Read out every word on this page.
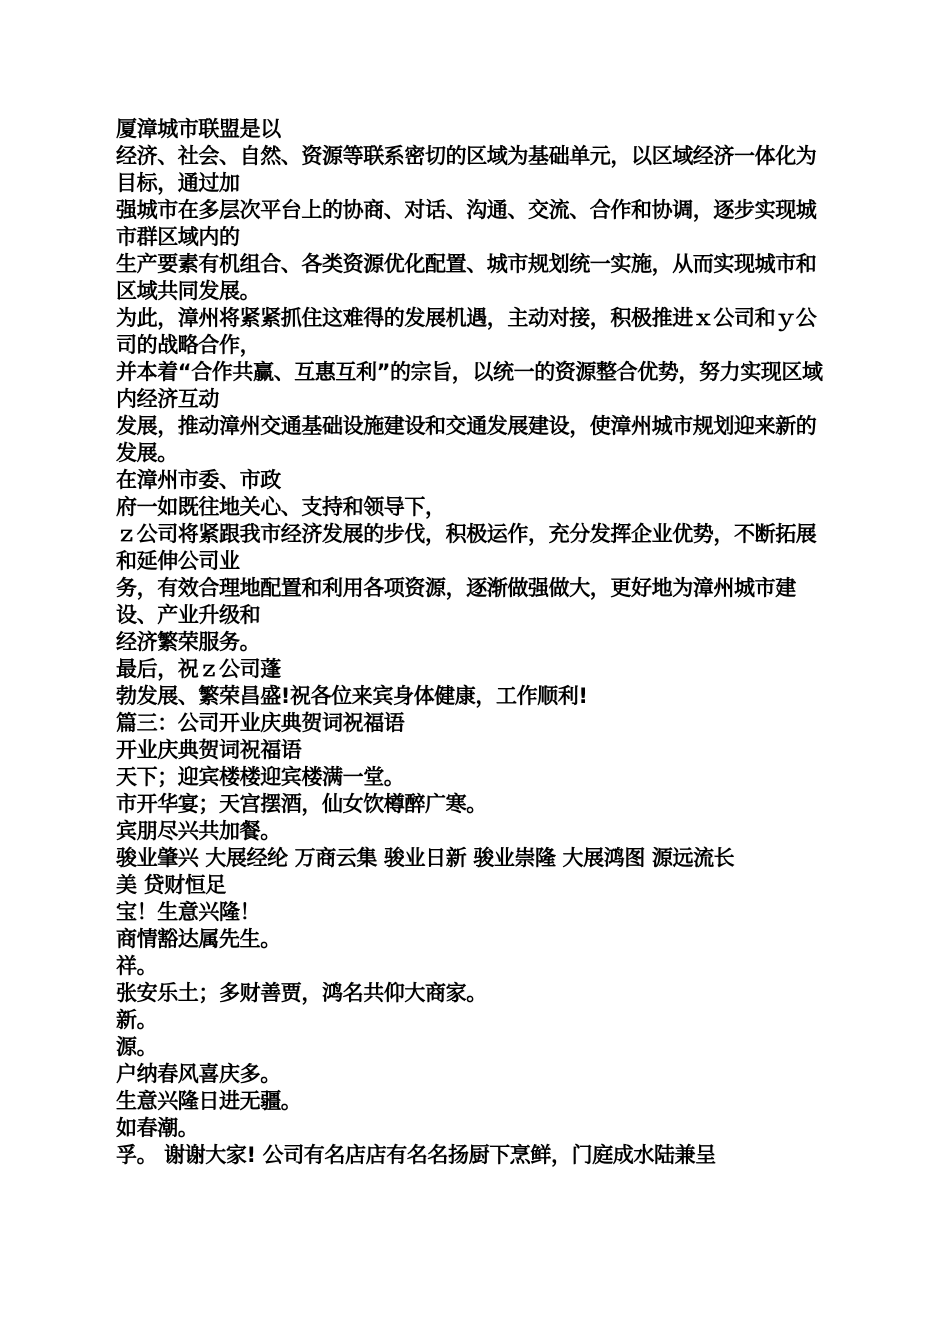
厦漳城市联盟是以

经济、社会、自然、资源等联系密切的区域为基础单元，以区域经济一体化为目标，通过加

强城市在多层次平台上的协商、对话、沟通、交流、合作和协调，逐步实现城市群区域内的

生产要素有机组合、各类资源优化配置、城市规划统一实施，从而实现城市和区域共同发展。

为此，漳州将紧紧抓住这难得的发展机遇，主动对接，积极推进ｘ公司和ｙ公司的战略合作，

并本着“合作共赢、互惠互利”的宗旨，以统一的资源整合优势，努力实现区域内经济互动

发展，推动漳州交通基础设施建设和交通发展建设，使漳州城市规划迎来新的发展。

在漳州市委、市政

府一如既往地关心、支持和领导下，

ｚ公司将紧跟我市经济发展的步伐，积极运作，充分发挥企业优势，不断拓展和延伸公司业

务，有效合理地配置和利用各项资源，逐渐做强做大，更好地为漳州城市建设、产业升级和

经济繁荣服务。

最后，祝ｚ公司蓬

勃发展、繁荣昌盛!祝各位来宾身体健康，工作顺利!

篇三：公司开业庆典贺词祝福语

开业庆典贺词祝福语

天下；迎宾楼楼迎宾楼满一堂。

市开华宴；天宫摆酒，仙女饮樽醉广寒。

宾朋尽兴共加餐。

骏业肇兴 大展经纶 万商云集 骏业日新 骏业崇隆 大展鸿图 源远流长

美 贷财恒足

宝！生意兴隆！

商情豁达属先生。

祥。

张安乐土；多财善贾，鸿名共仰大商家。

新。

源。

户纳春风喜庆多。

生意兴隆日进无疆。

如春潮。

孚。 谢谢大家! 公司有名店店有名名扬厨下烹鲜，门庭成水陆兼呈
